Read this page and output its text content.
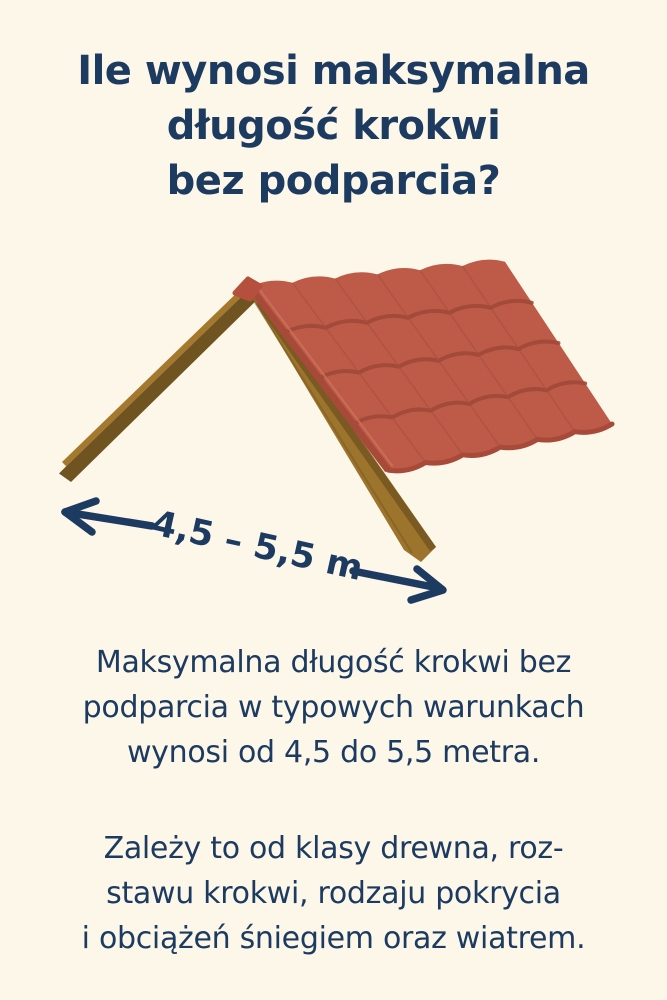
Ile wynosi maksymalna
długość krokwi
bez podparcia?
4,5 – 5,5 m

Maksymalna długość krokwi bez
podparcia w typowych warunkach
wynosi od 4,5 do 5,5 metra.

Zależy to od klasy drewna, roz-
stawu krokwi, rodzaju pokrycia
i obciążeń śniegiem oraz wiatrem.
